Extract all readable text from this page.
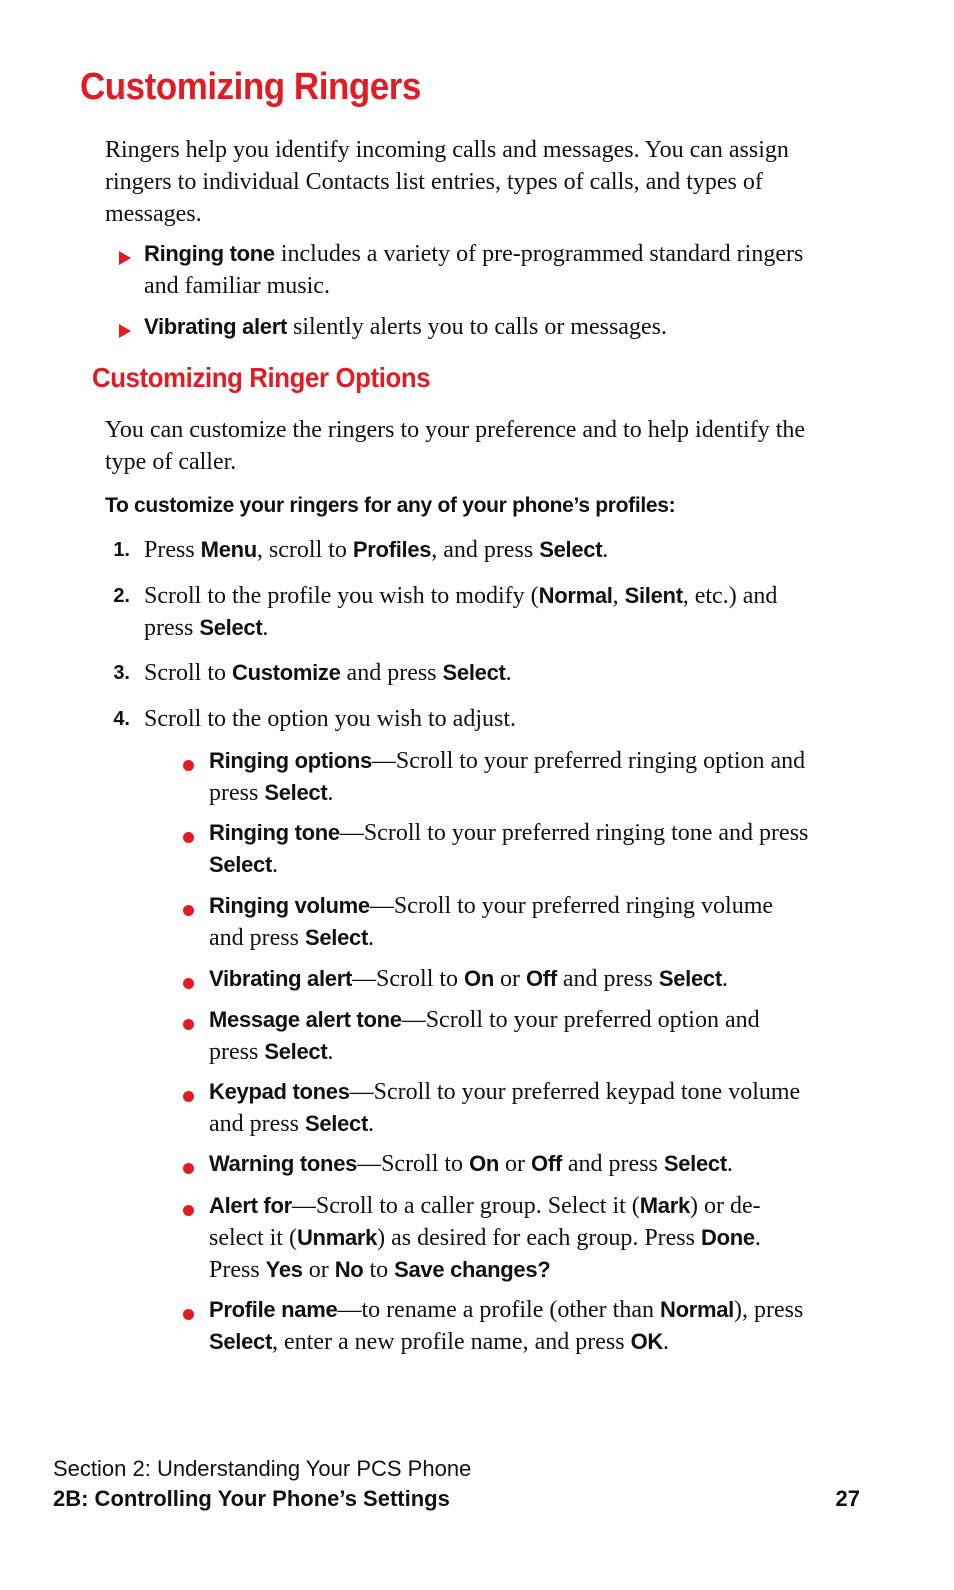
Customizing Ringers

Ringers help you identify incoming calls and messages. You can assign ringers to individual Contacts list entries, types of calls, and types of messages.

Ringing tone includes a variety of pre-programmed standard ringers and familiar music.

Vibrating alert silently alerts you to calls or messages.

Customizing Ringer Options

You can customize the ringers to your preference and to help identify the type of caller.

To customize your ringers for any of your phone’s profiles:

1. Press Menu, scroll to Profiles, and press Select.

2. Scroll to the profile you wish to modify (Normal, Silent, etc.) and press Select.

3. Scroll to Customize and press Select.

4. Scroll to the option you wish to adjust.

Ringing options—Scroll to your preferred ringing option and press Select.

Ringing tone—Scroll to your preferred ringing tone and press Select.

Ringing volume—Scroll to your preferred ringing volume and press Select.

Vibrating alert—Scroll to On or Off and press Select.

Message alert tone—Scroll to your preferred option and press Select.

Keypad tones—Scroll to your preferred keypad tone volume and press Select.

Warning tones—Scroll to On or Off and press Select.

Alert for—Scroll to a caller group. Select it (Mark) or de-select it (Unmark) as desired for each group. Press Done. Press Yes or No to Save changes?

Profile name—to rename a profile (other than Normal), press Select, enter a new profile name, and press OK.

Section 2: Understanding Your PCS Phone
2B: Controlling Your Phone’s Settings	27
